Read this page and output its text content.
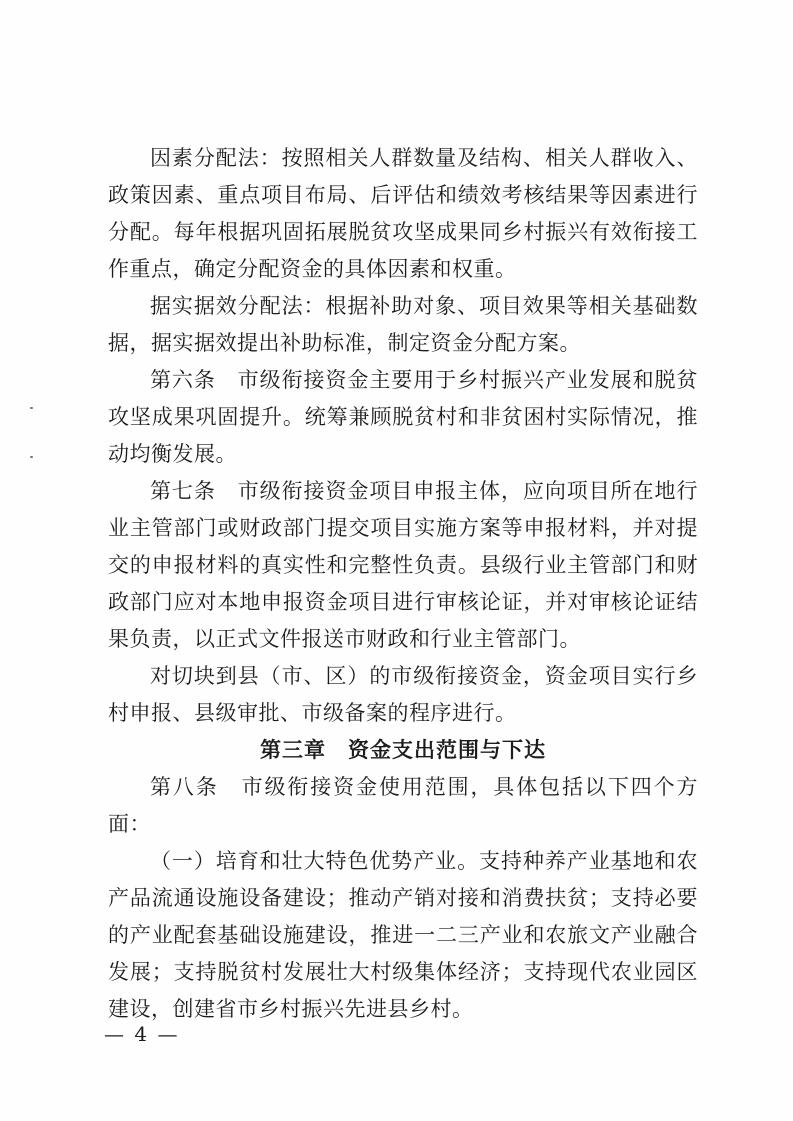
因素分配法：按照相关人群数量及结构、相关人群收入、政策因素、重点项目布局、后评估和绩效考核结果等因素进行分配。每年根据巩固拓展脱贫攻坚成果同乡村振兴有效衔接工作重点，确定分配资金的具体因素和权重。

据实据效分配法：根据补助对象、项目效果等相关基础数据，据实据效提出补助标准，制定资金分配方案。

第六条　市级衔接资金主要用于乡村振兴产业发展和脱贫攻坚成果巩固提升。统筹兼顾脱贫村和非贫困村实际情况，推动均衡发展。

第七条　市级衔接资金项目申报主体，应向项目所在地行业主管部门或财政部门提交项目实施方案等申报材料，并对提交的申报材料的真实性和完整性负责。县级行业主管部门和财政部门应对本地申报资金项目进行审核论证，并对审核论证结果负责，以正式文件报送市财政和行业主管部门。

对切块到县（市、区）的市级衔接资金，资金项目实行乡村申报、县级审批、市级备案的程序进行。

第三章　资金支出范围与下达

第八条　市级衔接资金使用范围，具体包括以下四个方面：

（一）培育和壮大特色优势产业。支持种养产业基地和农产品流通设施设备建设；推动产销对接和消费扶贫；支持必要的产业配套基础设施建设，推进一二三产业和农旅文产业融合发展；支持脱贫村发展壮大村级集体经济；支持现代农业园区建设，创建省市乡村振兴先进县乡村。

— 4 —
